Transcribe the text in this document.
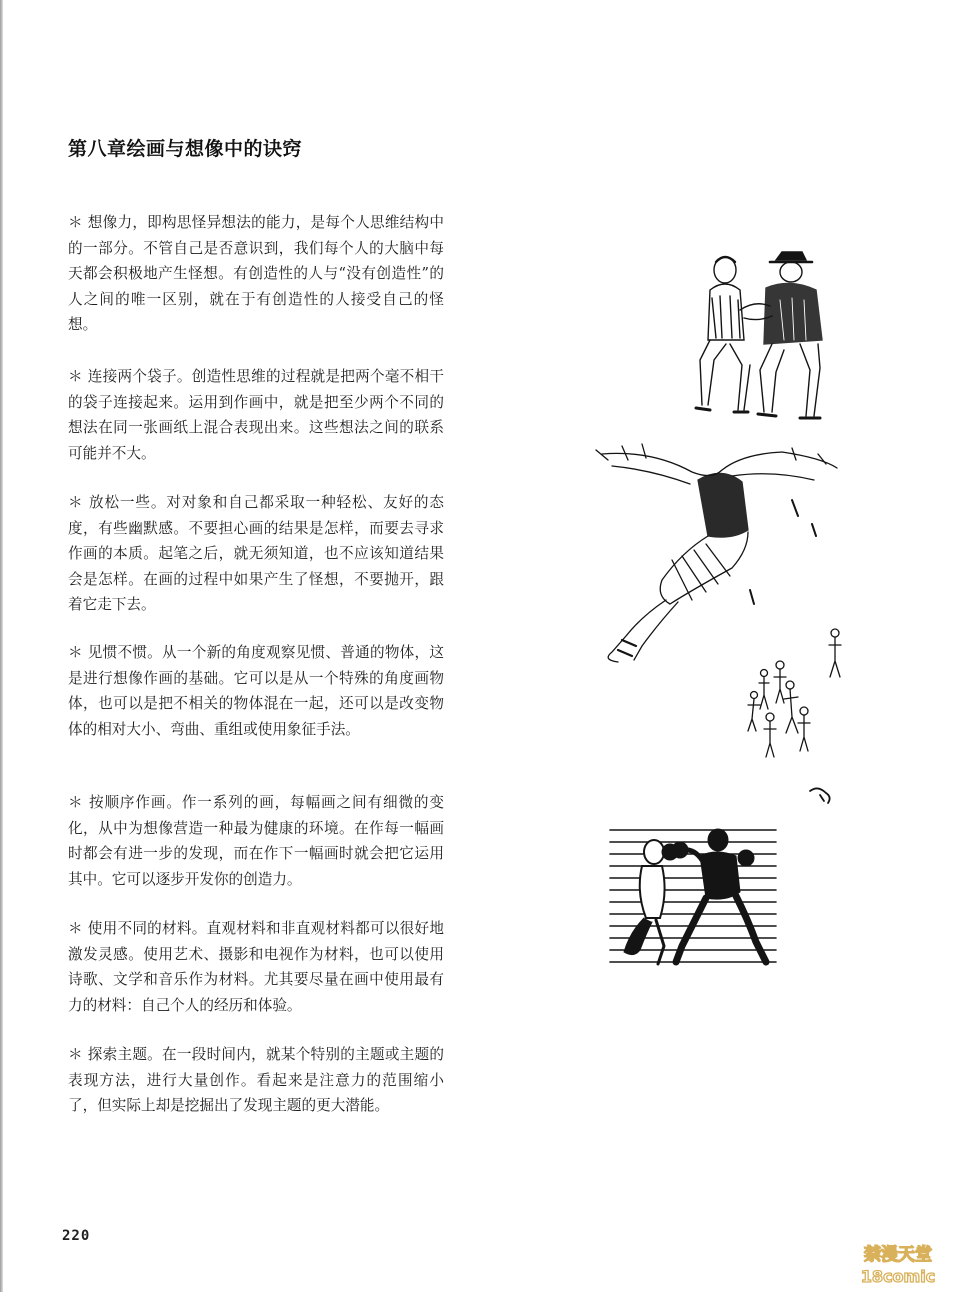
第八章绘画与想像中的诀窍
＊ 想像力，即构思怪异想法的能力，是每个人思维结构中的一部分。不管自己是否意识到，我们每个人的大脑中每天都会积极地产生怪想。有创造性的人与“没有创造性”的人之间的唯一区别，就在于有创造性的人接受自己的怪想。
＊ 连接两个袋子。创造性思维的过程就是把两个毫不相干的袋子连接起来。运用到作画中，就是把至少两个不同的想法在同一张画纸上混合表现出来。这些想法之间的联系可能并不大。
＊ 放松一些。对对象和自己都采取一种轻松、友好的态度，有些幽默感。不要担心画的结果是怎样，而要去寻求作画的本质。起笔之后，就无须知道，也不应该知道结果会是怎样。在画的过程中如果产生了怪想，不要抛开，跟着它走下去。
＊ 见惯不惯。从一个新的角度观察见惯、普通的物体，这是进行想像作画的基础。它可以是从一个特殊的角度画物体，也可以是把不相关的物体混在一起，还可以是改变物体的相对大小、弯曲、重组或使用象征手法。
＊ 按顺序作画。作一系列的画，每幅画之间有细微的变化，从中为想像营造一种最为健康的环境。在作每一幅画时都会有进一步的发现，而在作下一幅画时就会把它运用其中。它可以逐步开发你的创造力。
＊ 使用不同的材料。直观材料和非直观材料都可以很好地激发灵感。使用艺术、摄影和电视作为材料，也可以使用诗歌、文学和音乐作为材料。尤其要尽量在画中使用最有力的材料：自己个人的经历和体验。
＊ 探索主题。在一段时间内，就某个特别的主题或主题的表现方法，进行大量创作。看起来是注意力的范围缩小了，但实际上却是挖掘出了发现主题的更大潜能。
220
禁漫天堂
18comic
